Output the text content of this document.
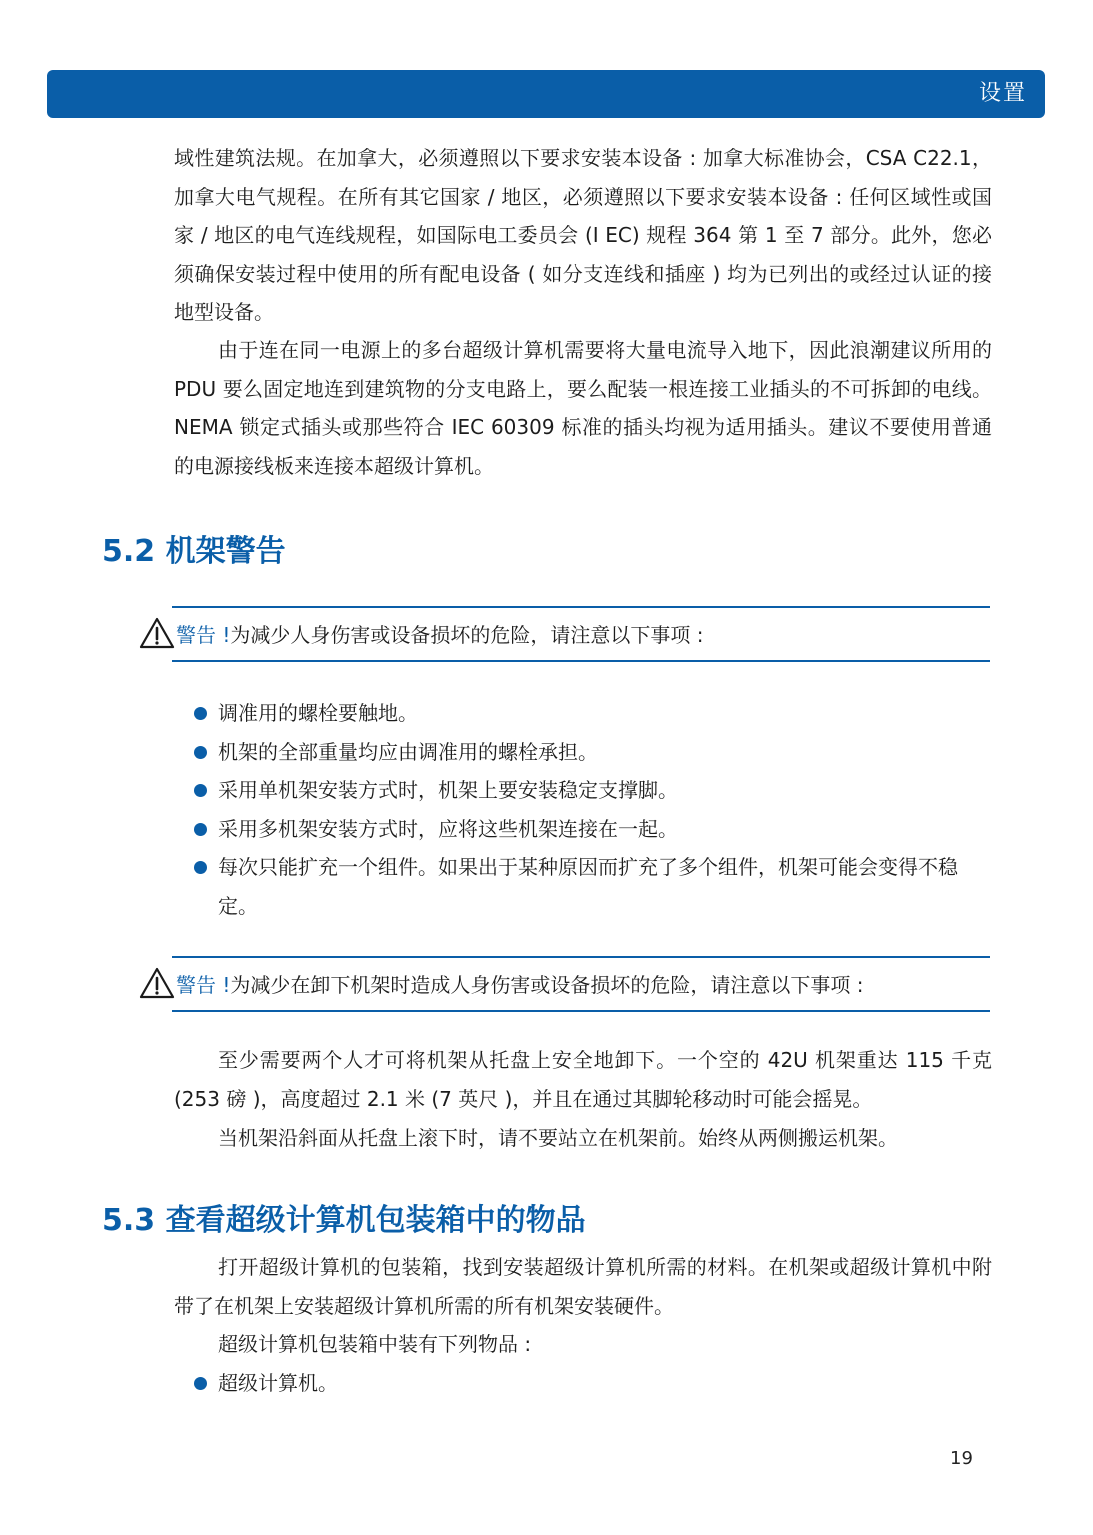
设置

域性建筑法规。在加拿大，必须遵照以下要求安装本设备 : 加拿大标准协会，CSA C22.1，加拿大电气规程。在所有其它国家 / 地区，必须遵照以下要求安装本设备 : 任何区域性或国家 / 地区的电气连线规程，如国际电工委员会 (I EC) 规程 364 第 1 至 7 部分。此外，您必须确保安装过程中使用的所有配电设备 ( 如分支连线和插座 ) 均为已列出的或经过认证的接地型设备。

由于连在同一电源上的多台超级计算机需要将大量电流导入地下，因此浪潮建议所用的 PDU 要么固定地连到建筑物的分支电路上，要么配装一根连接工业插头的不可拆卸的电线。NEMA 锁定式插头或那些符合 IEC 60309 标准的插头均视为适用插头。建议不要使用普通的电源接线板来连接本超级计算机。

5.2 机架警告
警告 ! 为减少人身伤害或设备损坏的危险，请注意以下事项 :
调准用的螺栓要触地。
机架的全部重量均应由调准用的螺栓承担。
采用单机架安装方式时，机架上要安装稳定支撑脚。
采用多机架安装方式时，应将这些机架连接在一起。
每次只能扩充一个组件。如果出于某种原因而扩充了多个组件，机架可能会变得不稳定。
警告 ! 为减少在卸下机架时造成人身伤害或设备损坏的危险，请注意以下事项 :

至少需要两个人才可将机架从托盘上安全地卸下。一个空的 42U 机架重达 115 千克 (253 磅 )，高度超过 2.1 米 (7 英尺 )，并且在通过其脚轮移动时可能会摇晃。

当机架沿斜面从托盘上滚下时，请不要站立在机架前。始终从两侧搬运机架。

5.3 查看超级计算机包装箱中的物品

打开超级计算机的包装箱，找到安装超级计算机所需的材料。在机架或超级计算机中附带了在机架上安装超级计算机所需的所有机架安装硬件。

超级计算机包装箱中装有下列物品 :

超级计算机。
19
